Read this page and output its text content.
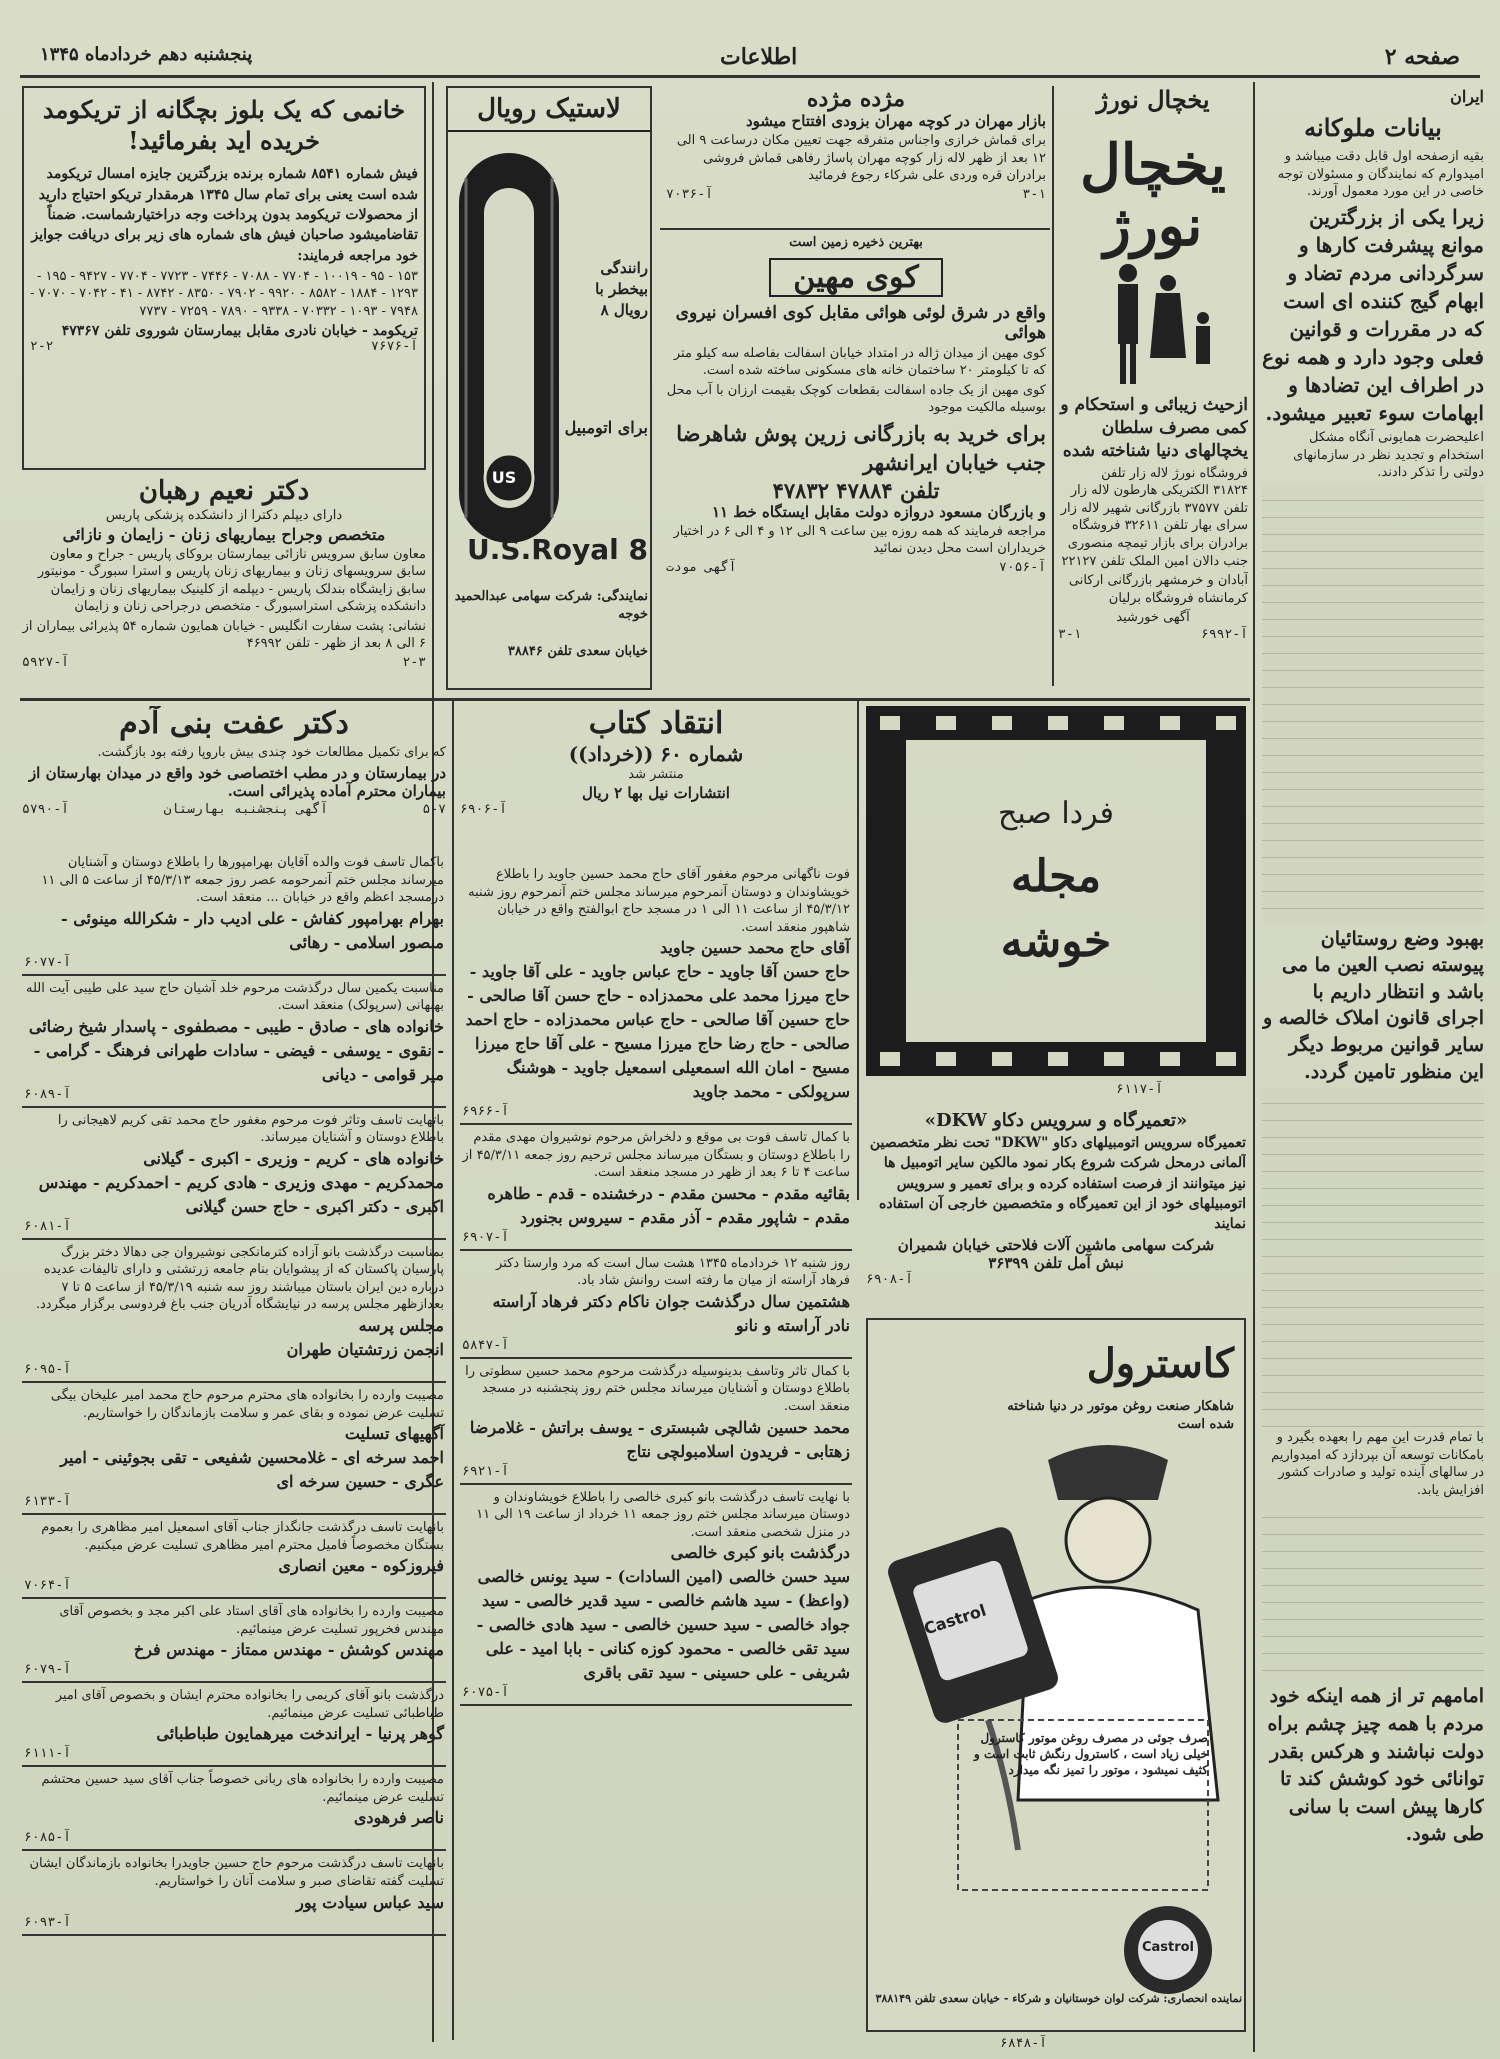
صفحه ۲
اطلاعات
پنجشنبه دهم خردادماه ۱۳۴۵
ایران
بیانات ملوکانه

بقیه ازصفحه اول قابل دقت میباشد و امیدوارم که نمایندگان و مسئولان توجه خاصی در این مورد معمول آورند.

زیرا یکی از بزرگترین موانع پیشرفت کارها و سرگردانی مردم تضاد و ابهام گیج کننده ای است که در مقررات و قوانین فعلی وجود دارد و همه نوع در اطراف این تضادها و ابهامات سوء تعبیر میشود.

اعلیحضرت همایونی آنگاه مشکل استخدام و تجدید نظر در سازمانهای دولتی را تذکر دادند.

بهبود وضع روستائیان پیوسته نصب العین ما می باشد و انتظار داریم با اجرای قانون املاک خالصه و سایر قوانین مربوط دیگر این منظور تامین گردد.

با تمام قدرت این مهم را بعهده بگیرد و بامکانات توسعه آن بپردازد که امیدواریم در سالهای آینده تولید و صادرات کشور افزایش یابد.

امامهم تر از همه اینکه خود مردم با همه چیز چشم براه دولت نباشند و هرکس بقدر توانائی خود کوشش کند تا کارها پیش است با سانی طی شود.

یخچال نورژ
یخچال نورژ

ازحیث زیبائی و استحکام و کمی مصرف سلطان یخچالهای دنیا شناخته شده

فروشگاه نورژ لاله زار تلفن ۳۱۸۲۴ الکتریکی هارطون لاله زار تلفن ۳۷۵۷۷ بازرگانی شهیر لاله زار سرای بهار تلفن ۳۲۶۱۱ فروشگاه برادران برای بازار تیمچه منصوری جنب دالان امین الملک تلفن ۲۲۱۲۷

آبادان و خرمشهر بازرگانی ارکانی کرمانشاه فروشگاه برلیان

آگهی خورشید
آ-۶۹۹۲
۳-۱
مژده مژده
بازار مهران در کوچه مهران بزودی افتتاح میشود

برای قماش خرازی واجناس متفرقه جهت تعیین مکان درساعت ۹ الی ۱۲ بعد از ظهر لاله زار کوچه مهران پاساژ رفاهی قماش فروشی برادران قره وردی علی شرکاء رجوع فرمائید

۳-۱
آ-۷۰۳۶
بهترین ذخیره زمین است
کوی مهین
واقع در شرق لوئی هوائی مقابل کوی افسران نیروی هوائی

کوی مهین از میدان ژاله در امتداد خیابان اسفالت بفاصله سه کیلو متر که تا کیلومتر ۲۰ ساختمان خانه های مسکونی ساخته شده است.

کوی مهین از یک جاده اسفالت بقطعات کوچک بقیمت ارزان با آب محل بوسیله مالکیت موجود

برای خرید به بازرگانی زرین پوش شاهرضا جنب خیابان ایرانشهر
تلفن ۴۷۸۸۴ ۴۷۸۳۲
و بازرگان مسعود دروازه دولت مقابل ایستگاه خط ۱۱

مراجعه فرمایند که همه روزه بین ساعت ۹ الی ۱۲ و ۴ الی ۶ در اختیار خریداران است محل دیدن نمائید

آ-۷۰۵۶
آگهی مودت
لاستیک رویال
US
برای اتومبیل
U.S.Royal 8
رانندگی بیخطر با رویال ۸
نمایندگی: شرکت سهامی عبدالحمید خوجه
خیابان سعدی تلفن ۳۸۸۴۶
خانمی که یک بلوز بچگانه از تریکومد خریده اید بفرمائید!

فیش شماره ۸۵۴۱ شماره برنده بزرگترین جایزه امسال تریکومد شده است یعنی برای تمام سال ۱۳۴۵ هرمقدار تریکو احتیاج دارید از محصولات تریکومد بدون پرداخت وجه دراختیارشماست. ضمناً تقاضامیشود صاحبان فیش های شماره های زیر برای دریافت جوایز خود مراجعه فرمایند:

۱۵۳ - ۹۵ - ۱۰۰۱۹ - ۷۷۰۴ - ۷۰۸۸ - ۷۴۴۶ - ۷۷۲۳ - ۷۷۰۴ - ۹۴۲۷ - ۱۹۵ - ۱۲۹۳ - ۱۸۸۴ - ۸۵۸۲ - ۹۹۲۰ - ۷۹۰۲ - ۸۳۵۰ - ۸۷۴۲ - ۴۱ - ۷۰۴۲ - ۷۰۷۰ - ۷۹۴۸ - ۱۰۹۳ - ۷۰۳۳۲ - ۹۳۳۸ - ۷۸۹۰ - ۷۲۵۹ - ۷۷۳۷

تریکومد - خیابان نادری مقابل بیمارستان شوروی تلفن ۴۷۳۶۷
آ-۷۶۷۶
۲-۲
دکتر نعیم رهبان
دارای دیپلم دکترا از دانشکده پزشکی پاریس
متخصص وجراح بیماریهای زنان - زایمان و نازائی

معاون سابق سرویس نازائی بیمارستان بروکای پاریس - جراح و معاون سابق سرویسهای زنان و بیماریهای زنان پاریس و استرا سبورگ - مونیتور سابق زایشگاه بندلک پاریس - دیپلمه از کلینیک بیماریهای زنان و زایمان دانشکده پزشکی استراسبورگ - متخصص درجراحی زنان و زایمان

نشانی: پشت سفارت انگلیس - خیابان همایون شماره ۵۴ پذیرائی بیماران از ۶ الی ۸ بعد از ظهر - تلفن ۴۶۹۹۲

۲-۳
آ-۵۹۲۷
دکتر عفت بنی آدم

که برای تکمیل مطالعات خود چندی بیش باروپا رفته بود بازگشت.

در بیمارستان و در مطب اختصاصی خود واقع در میدان بهارستان از بیماران محترم آماده پذیرائی است.

۵-۷
آگهی پنجشنبه بهارستان
آ-۵۷۹۰
باکمال تاسف فوت والده آقایان بهرامپورها را باطلاع دوستان و آشنایان میرساند مجلس ختم آنمرحومه عصر روز جمعه ۴۵/۳/۱۳ از ساعت ۵ الی ۱۱ درمسجد اعظم واقع در خیابان ... منعقد است.
بهرام بهرامپور کفاش - علی ادیب دار - شکرالله مینوئی - منصور اسلامی - رهائی
آ-۶۰۷۷
مناسبت یکمین سال درگذشت مرحوم خلد آشیان حاج سید علی طیبی آیت الله بهبهانی (سرپولک) منعقد است.
خانواده های - صادق - طیبی - مصطفوی - پاسدار شیخ رضائی - نقوی - یوسفی - فیضی - سادات طهرانی فرهنگ - گرامی - میر قوامی - دیانی
آ-۶۰۸۹
باتهایت تاسف وتاثر فوت مرحوم مغفور حاج محمد تقی کریم لاهیجانی را باطلاع دوستان و آشنایان میرساند.
خانواده های - کریم - وزیری - اکبری - گیلانی
محمدکریم - مهدی وزیری - هادی کریم - احمدکریم - مهندس اکبری - دکتر اکبری - حاج حسن گیلانی
آ-۶۰۸۱
بمناسبت درگذشت بانو آزاده کترمانکجی نوشیروان جی دهالا دختر بزرگ پارسیان پاکستان که از پیشوایان بنام جامعه زرتشتی و دارای تالیفات عدیده درباره دین ایران باستان میباشند روز سه شنبه ۴۵/۳/۱۹ از ساعت ۵ تا ۷ بعدازظهر مجلس پرسه در نیایشگاه آدریان جنب باغ فردوسی برگزار میگردد.
مجلس پرسه
انجمن زرتشتیان طهران
آ-۶۰۹۵
مصیبت وارده را بخانواده های محترم مرحوم حاج محمد امیر علیخان بیگی تسلیت عرض نموده و بقای عمر و سلامت بازماندگان را خواستاریم.
آگهیهای تسلیت
احمد سرخه ای - غلامحسین شفیعی - تقی بجوئینی - امیر عگری - حسین سرخه ای
آ-۶۱۳۳
بانهایت تاسف درگذشت جانگداز جناب آقای اسمعیل امیر مظاهری را بعموم بستگان مخصوصاً فامیل محترم امیر مظاهری تسلیت عرض میکنیم.
فیروزکوه - معین انصاری
آ-۷۰۶۴
مصیبت وارده را بخانواده های آقای استاد علی اکبر مجد و بخصوص آقای مهندس فخرپور تسلیت عرض مینمائیم.
مهندس کوشش - مهندس ممتاز - مهندس فرخ
آ-۶۰۷۹
درگذشت بانو آقای کریمی را بخانواده محترم ایشان و بخصوص آقای امیر طباطبائی تسلیت عرض مینمائیم.
گوهر پرنیا - ایراندخت میرهمایون طباطبائی
آ-۶۱۱۱
مصیبت وارده را بخانواده های ربانی خصوصاً جناب آقای سید حسین محتشم تسلیت عرض مینمائیم.
ناصر فرهودی
آ-۶۰۸۵
بانهایت تاسف درگذشت مرحوم حاج حسین جاویدرا بخانواده بازماندگان ایشان تسلیت گفته تقاضای صبر و سلامت آنان را خواستاریم.
سید عباس سیادت پور
آ-۶۰۹۳
انتقاد کتاب
شماره ۶۰ ((خرداد))
منتشر شد
انتشارات نیل بها ۲ ریال
آ-۶۹۰۶
فوت ناگهانی مرحوم مغفور آقای حاج محمد حسین جاوید را باطلاع خویشاوندان و دوستان آنمرحوم میرساند مجلس ختم آنمرحوم روز شنبه ۴۵/۳/۱۲ از ساعت ۱۱ الی ۱ در مسجد حاج ابوالفتح واقع در خیابان شاهپور منعقد است.
آقای حاج محمد حسین جاوید
حاج حسن آقا جاوید - حاج عباس جاوید - علی آقا جاوید - حاج میرزا محمد علی محمدزاده - حاج حسن آقا صالحی - حاج حسین آقا صالحی - حاج عباس محمدزاده - حاج احمد صالحی - حاج رضا حاج میرزا مسیح - علی آقا حاج میرزا مسیح - امان الله اسمعیلی اسمعیل جاوید - هوشنگ سرپولکی - محمد جاوید
آ-۶۹۶۶
با کمال تاسف فوت بی موقع و دلخراش مرحوم نوشیروان مهدی مقدم را باطلاع دوستان و بستگان میرساند مجلس ترحیم روز جمعه ۴۵/۳/۱۱ از ساعت ۴ تا ۶ بعد از ظهر در مسجد منعقد است.
بقائیه مقدم - محسن مقدم - درخشنده - قدم - طاهره مقدم - شاپور مقدم - آذر مقدم - سیروس بجنورد
آ-۶۹۰۷
روز شنبه ۱۲ خردادماه ۱۳۴۵ هشت سال است که مرد وارستا دکتر فرهاد آراسته از میان ما رفته است روانش شاد باد.
هشتمین سال درگذشت جوان ناکام دکتر فرهاد آراسته
نادر آراسته و نانو
آ-۵۸۴۷
با کمال تاثر وتاسف بدینوسیله درگذشت مرحوم محمد حسین سطوتی را باطلاع دوستان و آشنایان میرساند مجلس ختم روز پنجشنبه در مسجد منعقد است.
محمد حسین شالچی شبستری - یوسف براتش - غلامرضا زهتابی - فریدون اسلامبولچی نتاج
آ-۶۹۲۱
با نهایت تاسف درگذشت بانو کبری خالصی را باطلاع خویشاوندان و دوستان میرساند مجلس ختم روز جمعه ۱۱ خرداد از ساعت ۱۹ الی ۱۱ در منزل شخصی منعقد است.
درگذشت بانو کبری خالصی
سید حسن خالصی (امین السادات) - سید یونس خالصی (واعظ) - سید هاشم خالصی - سید قدیر خالصی - سید جواد خالصی - سید حسین خالصی - سید هادی خالصی - سید تقی خالصی - محمود کوزه کنانی - بابا امید - علی شریفی - علی حسینی - سید تقی باقری
آ-۶۰۷۵
فردا صبح
مجله
خوشه
آ-۶۱۱۷
«تعمیرگاه و سرویس دکاو DKW»

تعمیرگاه سرویس اتومبیلهای دکاو "DKW" تحت نظر متخصصین آلمانی درمحل شرکت شروع بکار نمود مالکین سایر اتومبیل ها نیز میتوانند از فرصت استفاده کرده و برای تعمیر و سرویس اتومبیلهای خود از این تعمیرگاه و متخصصین خارجی آن استفاده نمایند

شرکت سهامی ماشین آلات فلاحتی خیابان شمیران
نبش آمل تلفن ۳۶۳۹۹
آ-۶۹۰۸
کاسترول
شاهکار صنعت روغن موتور در دنیا شناخته شده است
Castrol
صرف جوئی در مصرف روغن موتور کاسترول خیلی زیاد است ، کاسترول رنگش ثابت است و کثیف نمیشود ، موتور را تمیز نگه میدارد
Castrol
نماینده انحصاری: شرکت لوان خوستانیان و شرکاء - خیابان سعدی تلفن ۳۸۸۱۴۹
آ-۶۸۴۸
